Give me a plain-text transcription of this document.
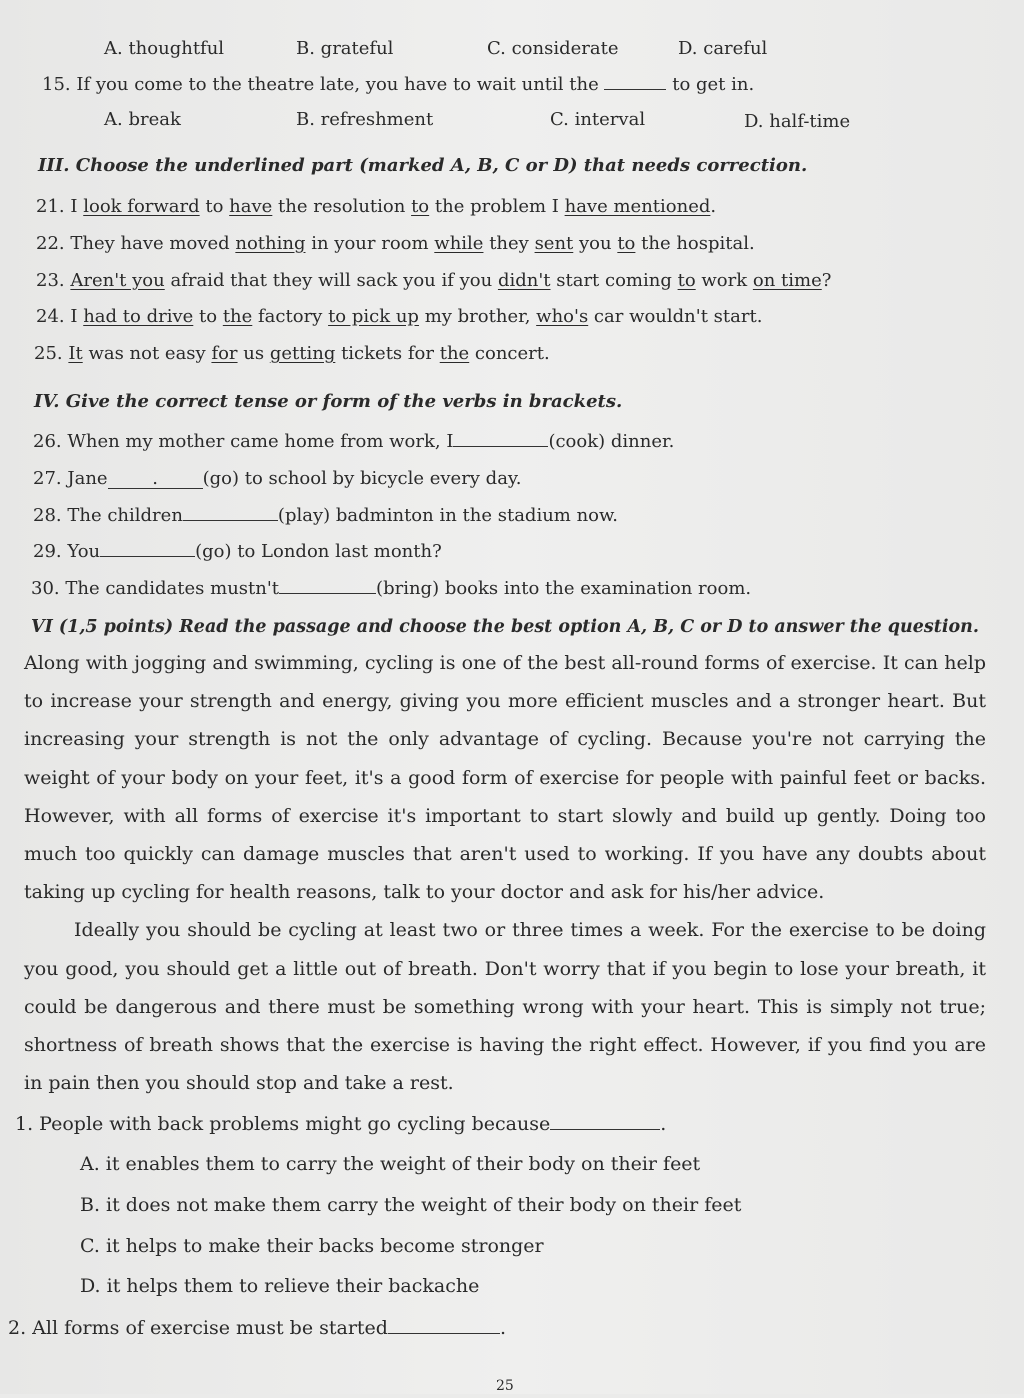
A. thoughtful	B. grateful	C. considerate	D. careful
15. If you come to the theatre late, you have to wait until the	to get in.
A. break	B. refreshment	C. interval	D. half-time
III. Choose the underlined part (marked A, B, C or D) that needs correction.
21. I look forward to have the resolution to the problem I have mentioned.
22. They have moved nothing in your room while they sent you to the hospital.
23. Aren't you afraid that they will sack you if you didn't start coming to work on time?
24. I had to drive to the factory to pick up my brother, who's car wouldn't start.
25. It was not easy for us getting tickets for the concert.
IV. Give the correct tense or form of the verbs in brackets.
26. When my mother came home from work, I	(cook) dinner.
27. Jane . (go) to school by bicycle every day.
28. The children	(play) badminton in the stadium now.
29. You	(go) to London last month?
30. The candidates mustn't	(bring) books into the examination room.
VI (1,5 points) Read the passage and choose the best option A, B, C or D to answer the question.

Along with jogging and swimming, cycling is one of the best all-round forms of exercise. It can help to increase your strength and energy, giving you more efficient muscles and a stronger heart. But increasing your strength is not the only advantage of cycling. Because you're not carrying the weight of your body on your feet, it's a good form of exercise for people with painful feet or backs. However, with all forms of exercise it's important to start slowly and build up gently. Doing too much too quickly can damage muscles that aren't used to working. If you have any doubts about taking up cycling for health reasons, talk to your doctor and ask for his/her advice.

Ideally you should be cycling at least two or three times a week. For the exercise to be doing you good, you should get a little out of breath. Don't worry that if you begin to lose your breath, it could be dangerous and there must be something wrong with your heart. This is simply not true; shortness of breath shows that the exercise is having the right effect. However, if you find you are in pain then you should stop and take a rest.

1. People with back problems might go cycling because	.
A. it enables them to carry the weight of their body on their feet
B. it does not make them carry the weight of their body on their feet
C. it helps to make their backs become stronger
D. it helps them to relieve their backache
2. All forms of exercise must be started	.
25
